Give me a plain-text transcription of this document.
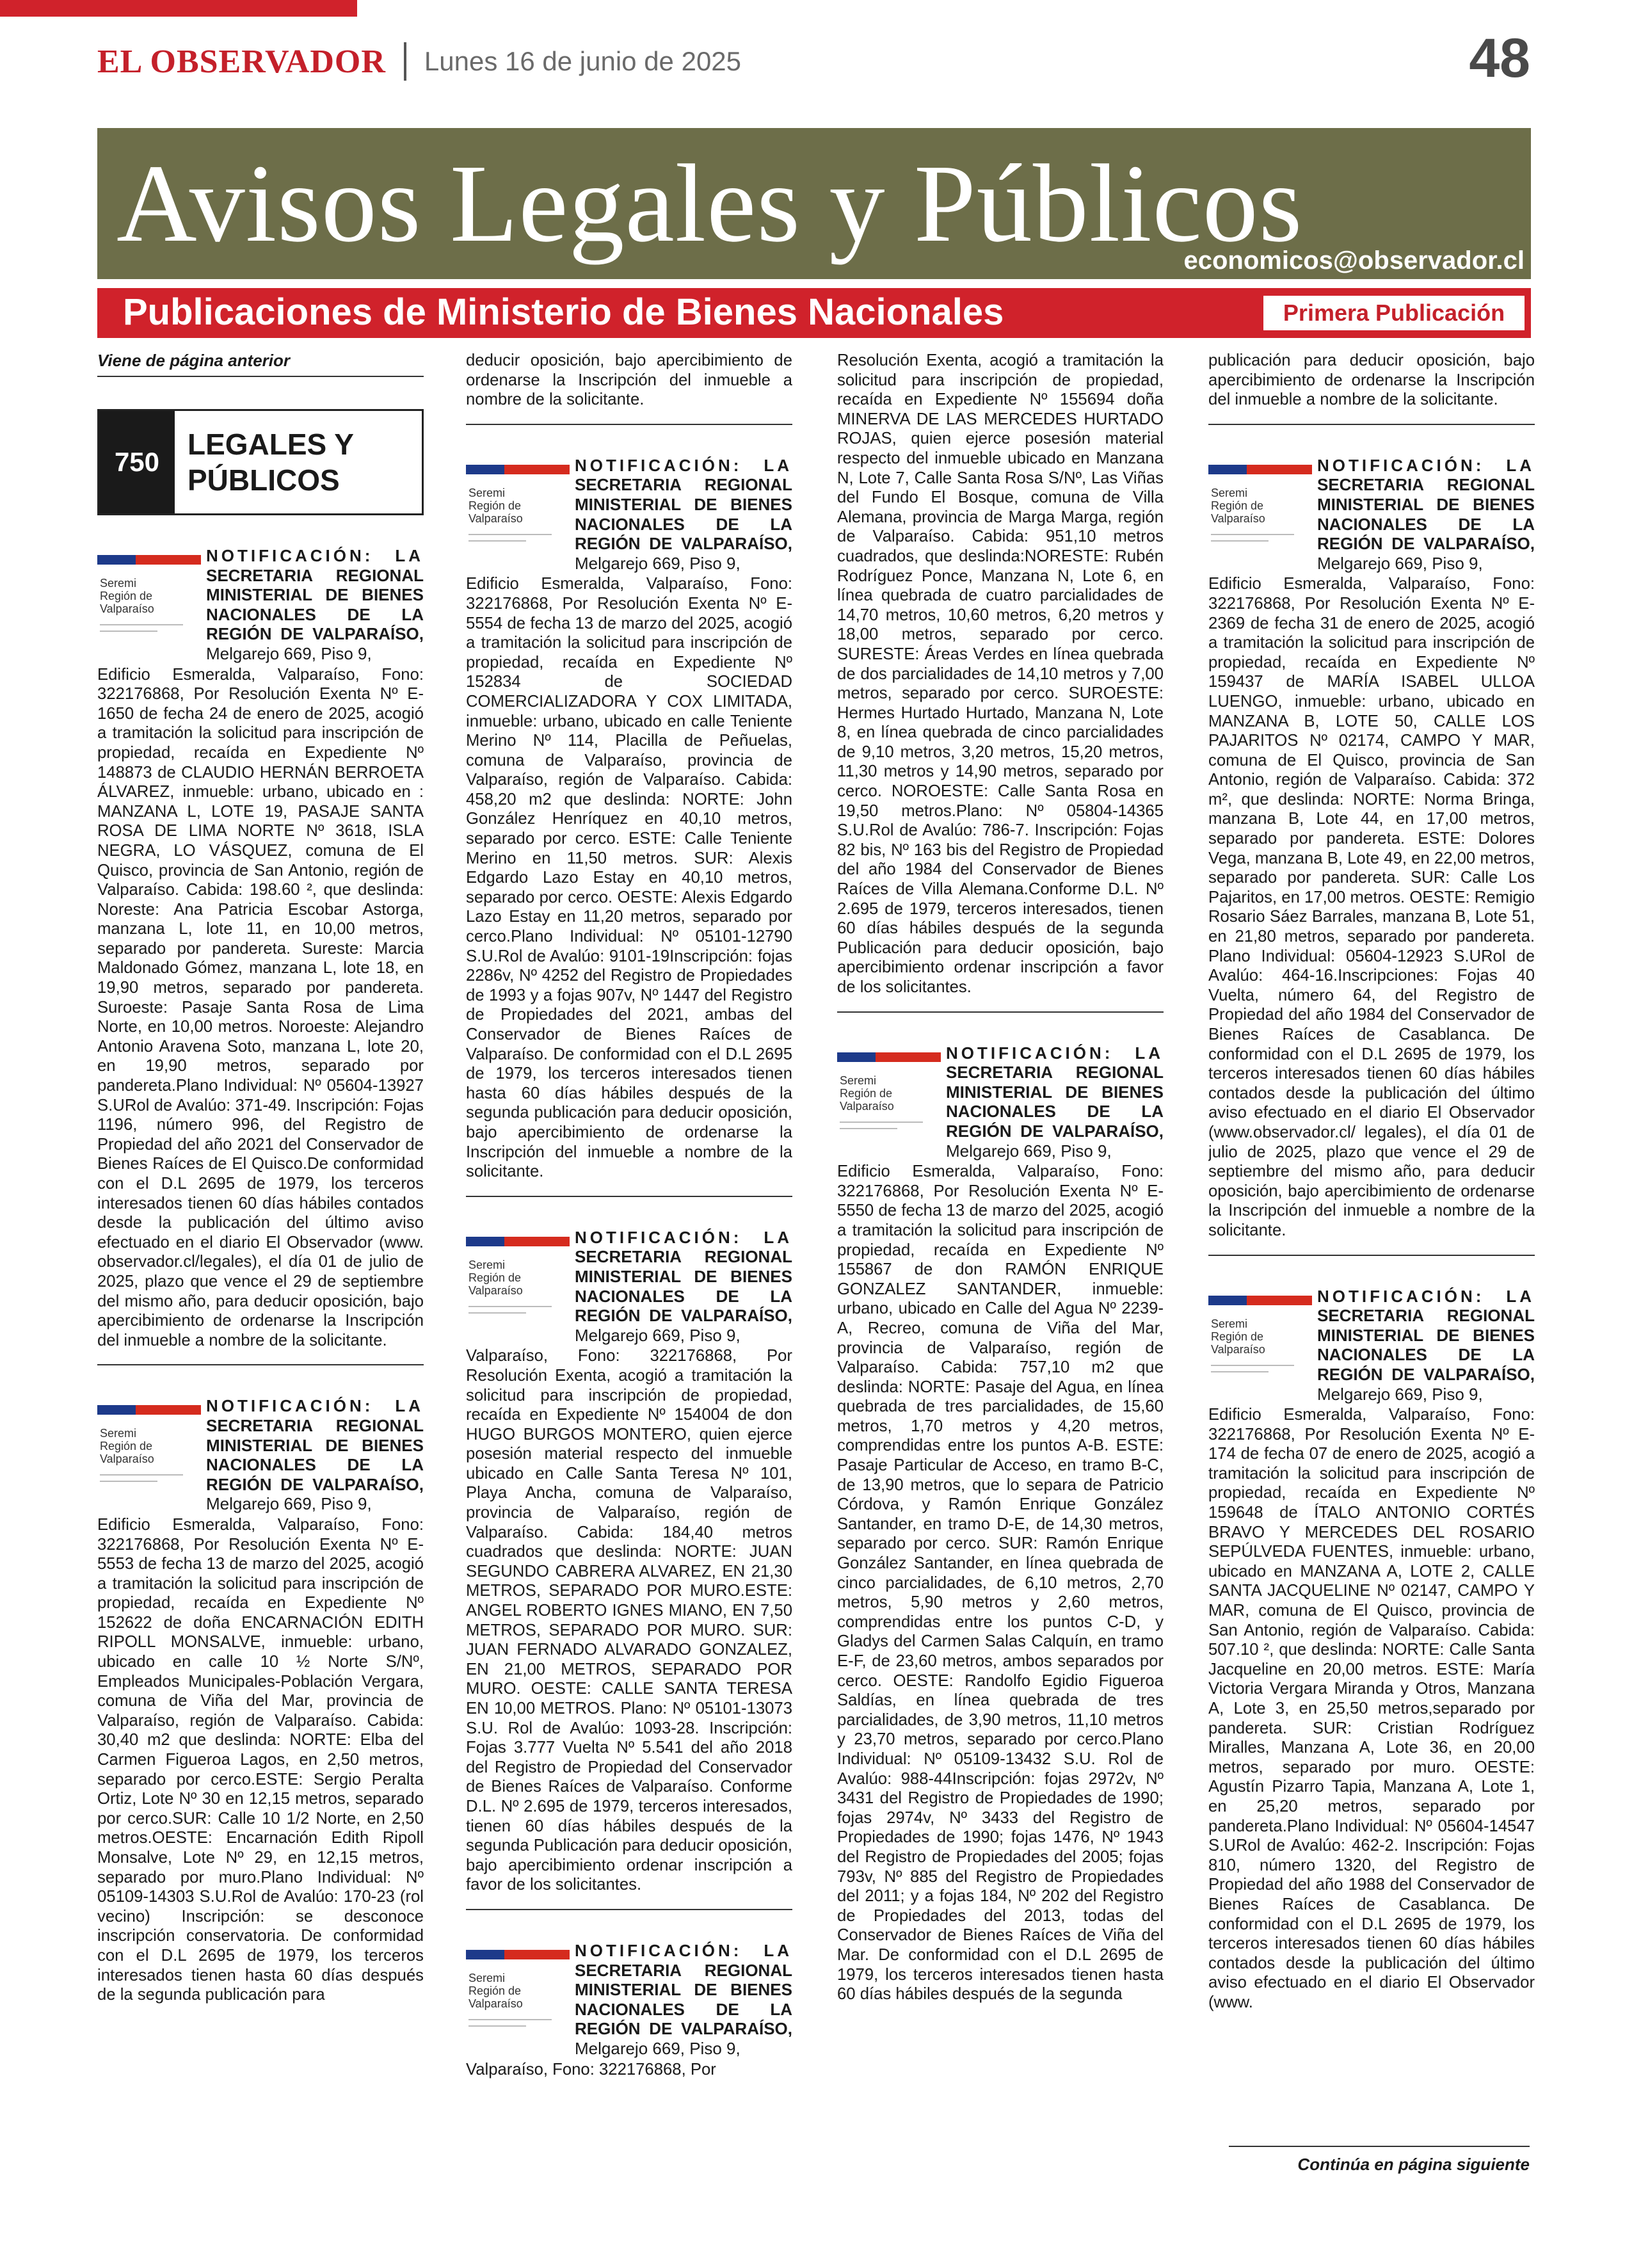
EL OBSERVADOR Lunes 16 de junio de 2025	48
Avisos Legales y Públicos
economicos@observador.cl
Publicaciones de Ministerio de Bienes Nacionales	Primera Publicación
Viene de página anterior
750
LEGALES Y
PÚBLICOS
Seremi
Región de
Valparaíso
NOTIFICACIÓN: LA SECRETARIA REGIONAL MINISTERIAL DE BIENES NACIONALES DE LA REGIÓN DE VALPARAÍSO, Melgarejo 669, Piso 9,
Edificio Esmeralda, Valparaíso, Fono: 322176868, Por Resolución Exenta Nº E-1650 de fecha 24 de enero de 2025, acogió a tramitación la solicitud para inscripción de propiedad, recaída en Expediente Nº 148873 de CLAUDIO HERNÁN BERROETA ÁLVAREZ, inmueble: urbano, ubicado en : MANZANA L, LOTE 19, PASAJE SANTA ROSA DE LIMA NORTE Nº 3618, ISLA NEGRA, LO VÁSQUEZ, comuna de El Quisco, provincia de San Antonio, región de Valparaíso. Cabida: 198.60 ², que deslinda: Noreste: Ana Patricia Escobar Astorga, manzana L, lote 11, en 10,00 metros, separado por pandereta. Sureste: Marcia Maldonado Gómez, manzana L, lote 18, en 19,90 metros, separado por pandereta. Suroeste: Pasaje Santa Rosa de Lima Norte, en 10,00 metros. Noroeste: Alejandro Antonio Aravena Soto, manzana L, lote 20, en 19,90 metros, separado por pandereta.Plano Individual: Nº 05604-13927 S.URol de Avalúo: 371-49. Inscripción: Fojas 1196, número 996, del Registro de Propiedad del año 2021 del Conservador de Bienes Raíces de El Quisco.De conformidad con el D.L 2695 de 1979, los terceros interesados tienen 60 días hábiles contados desde la publicación del último aviso efectuado en el diario El Observador (www. observador.cl/legales), el día 01 de julio de 2025, plazo que vence el 29 de septiembre del mismo año, para deducir oposición, bajo apercibimiento de ordenarse la Inscripción del inmueble a nombre de la solicitante.
Seremi
Región de
Valparaíso
NOTIFICACIÓN: LA SECRETARIA REGIONAL MINISTERIAL DE BIENES NACIONALES DE LA REGIÓN DE VALPARAÍSO, Melgarejo 669, Piso 9,
Edificio Esmeralda, Valparaíso, Fono: 322176868, Por Resolución Exenta Nº E-5553 de fecha 13 de marzo del 2025, acogió a tramitación la solicitud para inscripción de propiedad, recaída en Expediente Nº 152622 de doña ENCARNACIÓN EDITH RIPOLL MONSALVE, inmueble: urbano, ubicado en calle 10 ½ Norte S/Nº, Empleados Municipales-Población Vergara, comuna de Viña del Mar, provincia de Valparaíso, región de Valparaíso. Cabida: 30,40 m2 que deslinda: NORTE: Elba del Carmen Figueroa Lagos, en 2,50 metros, separado por cerco.ESTE: Sergio Peralta Ortiz, Lote Nº 30 en 12,15 metros, separado por cerco.SUR: Calle 10 1/2 Norte, en 2,50 metros.OESTE: Encarnación Edith Ripoll Monsalve, Lote Nº 29, en 12,15 metros, separado por muro.Plano Individual: Nº 05109-14303 S.U.Rol de Avalúo: 170-23 (rol vecino) Inscripción: se desconoce inscripción conservatoria. De conformidad con el D.L 2695 de 1979, los terceros interesados tienen hasta 60 días después de la segunda publicación para
deducir oposición, bajo apercibimiento de ordenarse la Inscripción del inmueble a nombre de la solicitante.
Seremi
Región de
Valparaíso
NOTIFICACIÓN: LA SECRETARIA REGIONAL MINISTERIAL DE BIENES NACIONALES DE LA REGIÓN DE VALPARAÍSO, Melgarejo 669, Piso 9,
Edificio Esmeralda, Valparaíso, Fono: 322176868, Por Resolución Exenta Nº E-5554 de fecha 13 de marzo del 2025, acogió a tramitación la solicitud para inscripción de propiedad, recaída en Expediente Nº 152834 de SOCIEDAD COMERCIALIZADORA Y COX LIMITADA, inmueble: urbano, ubicado en calle Teniente Merino Nº 114, Placilla de Peñuelas, comuna de Valparaíso, provincia de Valparaíso, región de Valparaíso. Cabida: 458,20 m2 que deslinda: NORTE: John González Henríquez en 40,10 metros, separado por cerco. ESTE: Calle Teniente Merino en 11,50 metros. SUR: Alexis Edgardo Lazo Estay en 40,10 metros, separado por cerco. OESTE: Alexis Edgardo Lazo Estay en 11,20 metros, separado por cerco.Plano Individual: Nº 05101-12790 S.U.Rol de Avalúo: 9101-19Inscripción: fojas 2286v, Nº 4252 del Registro de Propiedades de 1993 y a fojas 907v, Nº 1447 del Registro de Propiedades del 2021, ambas del Conservador de Bienes Raíces de Valparaíso. De conformidad con el D.L 2695 de 1979, los terceros interesados tienen hasta 60 días hábiles después de la segunda publicación para deducir oposición, bajo apercibimiento de ordenarse la Inscripción del inmueble a nombre de la solicitante.
Seremi
Región de
Valparaíso
NOTIFICACIÓN: LA SECRETARIA REGIONAL MINISTERIAL DE BIENES NACIONALES DE LA REGIÓN DE VALPARAÍSO, Melgarejo 669, Piso 9,
Valparaíso, Fono: 322176868, Por Resolución Exenta, acogió a tramitación la solicitud para inscripción de propiedad, recaída en Expediente Nº 154004 de don HUGO BURGOS MONTERO, quien ejerce posesión material respecto del inmueble ubicado en Calle Santa Teresa Nº 101, Playa Ancha, comuna de Valparaíso, provincia de Valparaíso, región de Valparaíso. Cabida: 184,40 metros cuadrados que deslinda: NORTE: JUAN SEGUNDO CABRERA ALVAREZ, EN 21,30 METROS, SEPARADO POR MURO.ESTE: ANGEL ROBERTO IGNES MIANO, EN 7,50 METROS, SEPARADO POR MURO. SUR: JUAN FERNADO ALVARADO GONZALEZ, EN 21,00 METROS, SEPARADO POR MURO. OESTE: CALLE SANTA TERESA EN 10,00 METROS. Plano: Nº 05101-13073 S.U. Rol de Avalúo: 1093-28. Inscripción: Fojas 3.777 Vuelta Nº 5.541 del año 2018 del Registro de Propiedad del Conservador de Bienes Raíces de Valparaíso. Conforme D.L. Nº 2.695 de 1979, terceros interesados, tienen 60 días hábiles después de la segunda Publicación para deducir oposición, bajo apercibimiento ordenar inscripción a favor de los solicitantes.
Seremi
Región de
Valparaíso
NOTIFICACIÓN: LA SECRETARIA REGIONAL MINISTERIAL DE BIENES NACIONALES DE LA REGIÓN DE VALPARAÍSO, Melgarejo 669, Piso 9,
Valparaíso, Fono: 322176868, Por
Resolución Exenta, acogió a tramitación la solicitud para inscripción de propiedad, recaída en Expediente Nº 155694 doña MINERVA DE LAS MERCEDES HURTADO ROJAS, quien ejerce posesión material respecto del inmueble ubicado en Manzana N, Lote 7, Calle Santa Rosa S/Nº, Las Viñas del Fundo El Bosque, comuna de Villa Alemana, provincia de Marga Marga, región de Valparaíso. Cabida: 951,10 metros cuadrados, que deslinda:NORESTE: Rubén Rodríguez Ponce, Manzana N, Lote 6, en línea quebrada de cuatro parcialidades de 14,70 metros, 10,60 metros, 6,20 metros y 18,00 metros, separado por cerco. SURESTE: Áreas Verdes en línea quebrada de dos parcialidades de 14,10 metros y 7,00 metros, separado por cerco. SUROESTE: Hermes Hurtado Hurtado, Manzana N, Lote 8, en línea quebrada de cinco parcialidades de 9,10 metros, 3,20 metros, 15,20 metros, 11,30 metros y 14,90 metros, separado por cerco. NOROESTE: Calle Santa Rosa en 19,50 metros.Plano: Nº 05804-14365 S.U.Rol de Avalúo: 786-7. Inscripción: Fojas 82 bis, Nº 163 bis del Registro de Propiedad del año 1984 del Conservador de Bienes Raíces de Villa Alemana.Conforme D.L. Nº 2.695 de 1979, terceros interesados, tienen 60 días hábiles después de la segunda Publicación para deducir oposición, bajo apercibimiento ordenar inscripción a favor de los solicitantes.
Seremi
Región de
Valparaíso
NOTIFICACIÓN: LA SECRETARIA REGIONAL MINISTERIAL DE BIENES NACIONALES DE LA REGIÓN DE VALPARAÍSO, Melgarejo 669, Piso 9,
Edificio Esmeralda, Valparaíso, Fono: 322176868, Por Resolución Exenta Nº E-5550 de fecha 13 de marzo del 2025, acogió a tramitación la solicitud para inscripción de propiedad, recaída en Expediente Nº 155867 de don RAMÓN ENRIQUE GONZALEZ SANTANDER, inmueble: urbano, ubicado en Calle del Agua Nº 2239-A, Recreo, comuna de Viña del Mar, provincia de Valparaíso, región de Valparaíso. Cabida: 757,10 m2 que deslinda: NORTE: Pasaje del Agua, en línea quebrada de tres parcialidades, de 15,60 metros, 1,70 metros y 4,20 metros, comprendidas entre los puntos A-B. ESTE: Pasaje Particular de Acceso, en tramo B-C, de 13,90 metros, que lo separa de Patricio Córdova, y Ramón Enrique González Santander, en tramo D-E, de 14,30 metros, separado por cerco. SUR: Ramón Enrique González Santander, en línea quebrada de cinco parcialidades, de 6,10 metros, 2,70 metros, 5,90 metros y 2,60 metros, comprendidas entre los puntos C-D, y Gladys del Carmen Salas Calquín, en tramo E-F, de 23,60 metros, ambos separados por cerco. OESTE: Randolfo Egidio Figueroa Saldías, en línea quebrada de tres parcialidades, de 3,90 metros, 11,10 metros y 23,70 metros, separado por cerco.Plano Individual: Nº 05109-13432 S.U. Rol de Avalúo: 988-44Inscripción: fojas 2972v, Nº 3431 del Registro de Propiedades de 1990; fojas 2974v, Nº 3433 del Registro de Propiedades de 1990; fojas 1476, Nº 1943 del Registro de Propiedades del 2005; fojas 793v, Nº 885 del Registro de Propiedades del 2011; y a fojas 184, Nº 202 del Registro de Propiedades del 2013, todas del Conservador de Bienes Raíces de Viña del Mar. De conformidad con el D.L 2695 de 1979, los terceros interesados tienen hasta 60 días hábiles después de la segunda
publicación para deducir oposición, bajo apercibimiento de ordenarse la Inscripción del inmueble a nombre de la solicitante.
Seremi
Región de
Valparaíso
NOTIFICACIÓN: LA SECRETARIA REGIONAL MINISTERIAL DE BIENES NACIONALES DE LA REGIÓN DE VALPARAÍSO, Melgarejo 669, Piso 9,
Edificio Esmeralda, Valparaíso, Fono: 322176868, Por Resolución Exenta Nº E-2369 de fecha 31 de enero de 2025, acogió a tramitación la solicitud para inscripción de propiedad, recaída en Expediente Nº 159437 de MARÍA ISABEL ULLOA LUENGO, inmueble: urbano, ubicado en MANZANA B, LOTE 50, CALLE LOS PAJARITOS Nº 02174, CAMPO Y MAR, comuna de El Quisco, provincia de San Antonio, región de Valparaíso. Cabida: 372 m², que deslinda: NORTE: Norma Bringa, manzana B, Lote 44, en 17,00 metros, separado por pandereta. ESTE: Dolores Vega, manzana B, Lote 49, en 22,00 metros, separado por pandereta. SUR: Calle Los Pajaritos, en 17,00 metros. OESTE: Remigio Rosario Sáez Barrales, manzana B, Lote 51, en 21,80 metros, separado por pandereta. Plano Individual: 05604-12923 S.URol de Avalúo: 464-16.Inscripciones: Fojas 40 Vuelta, número 64, del Registro de Propiedad del año 1984 del Conservador de Bienes Raíces de Casablanca. De conformidad con el D.L 2695 de 1979, los terceros interesados tienen 60 días hábiles contados desde la publicación del último aviso efectuado en el diario El Observador (www.observador.cl/ legales), el día 01 de julio de 2025, plazo que vence el 29 de septiembre del mismo año, para deducir oposición, bajo apercibimiento de ordenarse la Inscripción del inmueble a nombre de la solicitante.
Seremi
Región de
Valparaíso
NOTIFICACIÓN: LA SECRETARIA REGIONAL MINISTERIAL DE BIENES NACIONALES DE LA REGIÓN DE VALPARAÍSO, Melgarejo 669, Piso 9,
Edificio Esmeralda, Valparaíso, Fono: 322176868, Por Resolución Exenta Nº E-174 de fecha 07 de enero de 2025, acogió a tramitación la solicitud para inscripción de propiedad, recaída en Expediente Nº 159648 de ÍTALO ANTONIO CORTÉS BRAVO Y MERCEDES DEL ROSARIO SEPÚLVEDA FUENTES, inmueble: urbano, ubicado en MANZANA A, LOTE 2, CALLE SANTA JACQUELINE Nº 02147, CAMPO Y MAR, comuna de El Quisco, provincia de San Antonio, región de Valparaíso. Cabida: 507.10 ², que deslinda: NORTE: Calle Santa Jacqueline en 20,00 metros. ESTE: María Victoria Vergara Miranda y Otros, Manzana A, Lote 3, en 25,50 metros,separado por pandereta. SUR: Cristian Rodríguez Miralles, Manzana A, Lote 36, en 20,00 metros, separado por muro. OESTE: Agustín Pizarro Tapia, Manzana A, Lote 1, en 25,20 metros, separado por pandereta.Plano Individual: Nº 05604-14547 S.URol de Avalúo: 462-2. Inscripción: Fojas 810, número 1320, del Registro de Propiedad del año 1988 del Conservador de Bienes Raíces de Casablanca. De conformidad con el D.L 2695 de 1979, los terceros interesados tienen 60 días hábiles contados desde la publicación del último aviso efectuado en el diario El Observador (www.
Continúa en página siguiente
